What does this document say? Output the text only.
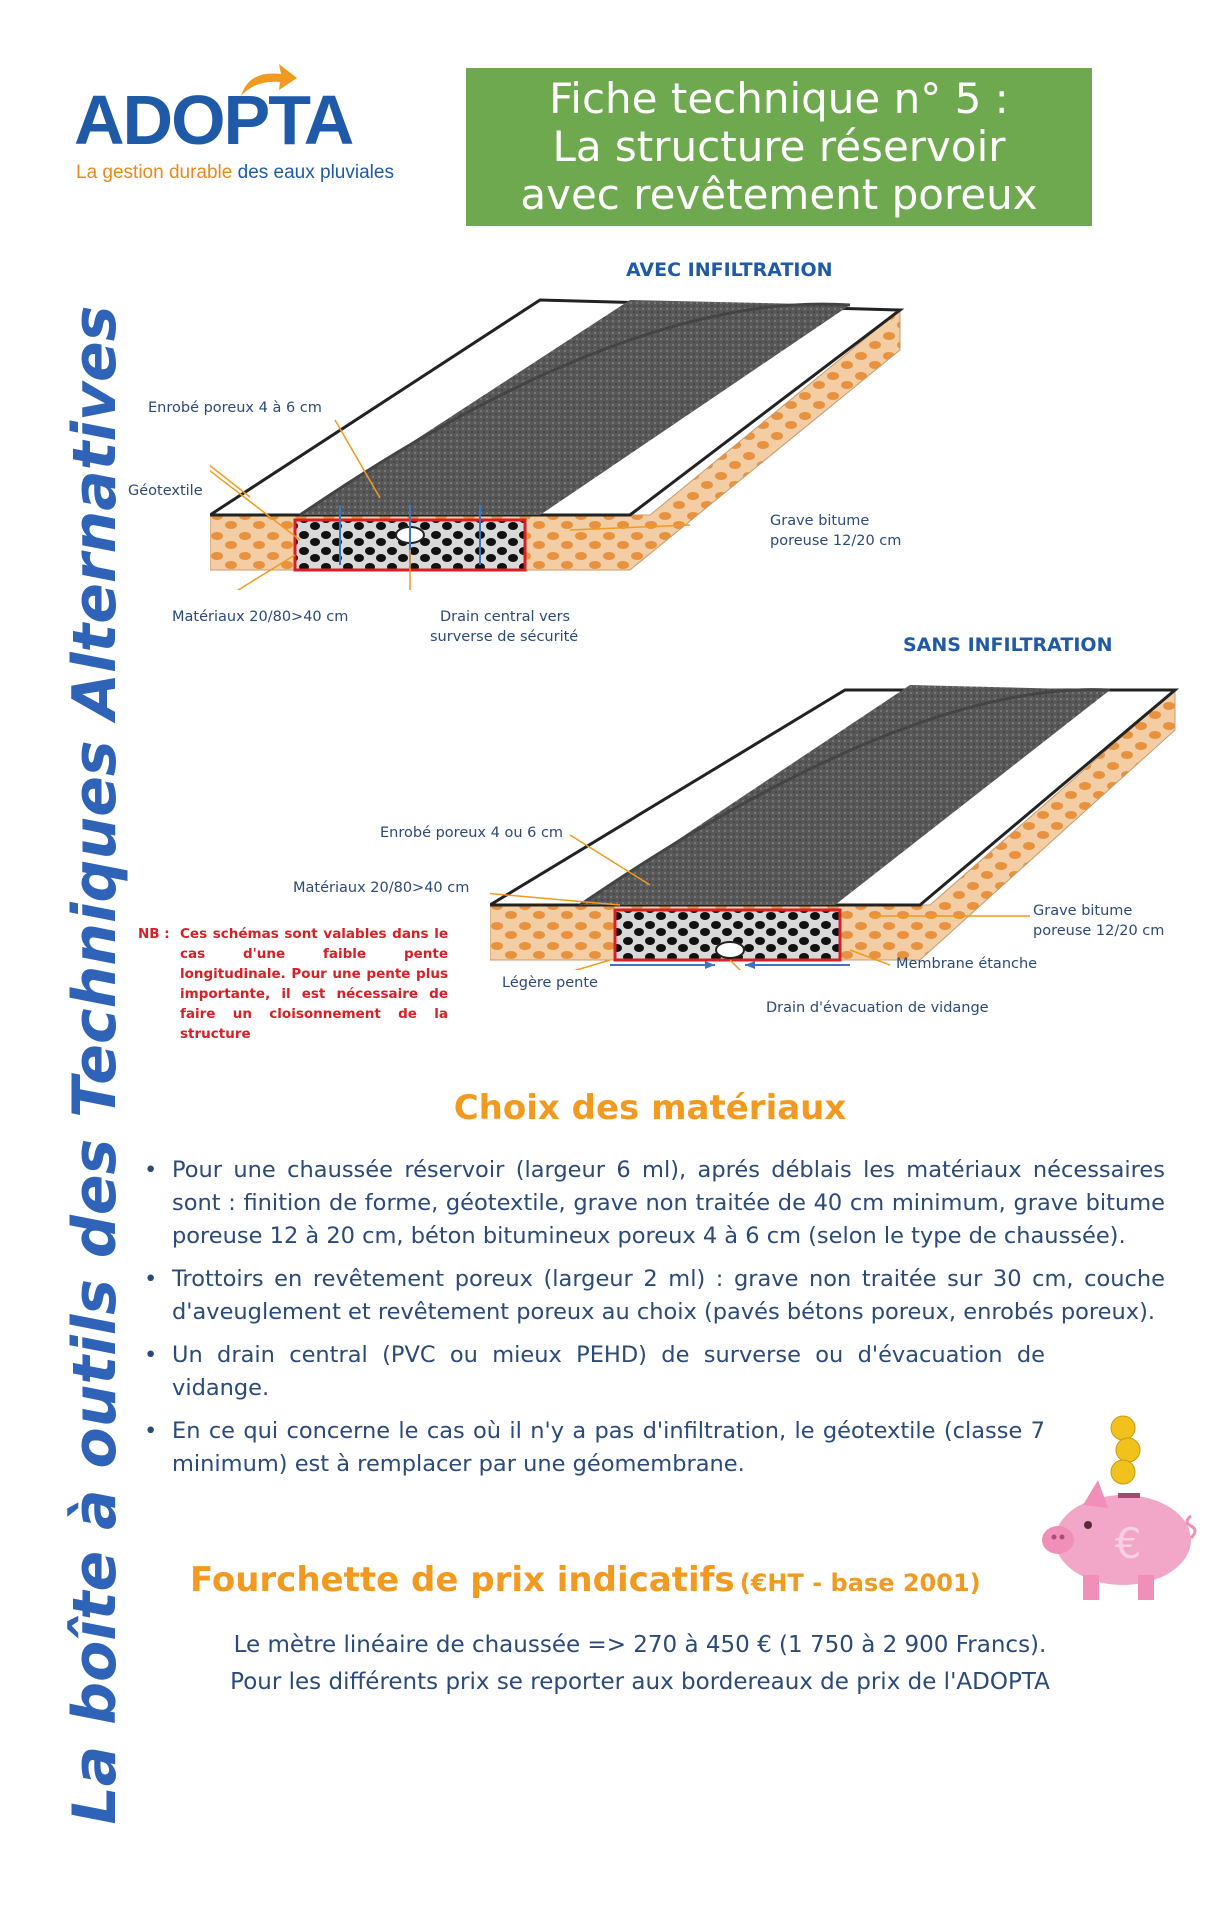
ADOPTA
La gestion durable des eaux pluviales
Fiche technique n° 5 :
La structure réservoir
avec revêtement poreux
La boîte à outils des Techniques Alternatives
AVEC INFILTRATION
Enrobé poreux 4 à 6 cm
Géotextile
Grave bitume
poreuse 12/20 cm
Matériaux 20/80>40 cm	Drain central vers
surverse de sécurité	SANS INFILTRATION
Enrobé poreux 4 ou 6 cm
Matériaux 20/80>40 cm
Grave bitume
poreuse 12/20 cm
Membrane étanche
Légère pente
Drain d'évacuation de vidange
NB : Ces schémas sont valables dans le cas d'une faible pente longitudinale. Pour une pente plus importante, il est nécessaire de faire un cloisonnement de la structure
Choix des matériaux
• Pour une chaussée réservoir (largeur 6 ml), aprés déblais les matériaux nécessaires sont : finition de forme, géotextile, grave non traitée de 40 cm minimum, grave bitume poreuse 12 à 20 cm, béton bitumineux poreux 4 à 6 cm (selon le type de chaussée).
• Trottoirs en revêtement poreux (largeur 2 ml) : grave non traitée sur 30 cm, couche d'aveuglement et revêtement poreux au choix (pavés bétons poreux, enrobés poreux).
• Un drain central (PVC ou mieux PEHD) de surverse ou d'évacuation de vidange.
• En ce qui concerne le cas où il n'y a pas d'infiltration, le géotextile (classe 7 minimum) est à remplacer par une géomembrane.
€
Fourchette de prix indicatifs (€HT - base 2001)
Le mètre linéaire de chaussée => 270 à 450 € (1 750 à 2 900 Francs).
Pour les différents prix se reporter aux bordereaux de prix de l'ADOPTA
